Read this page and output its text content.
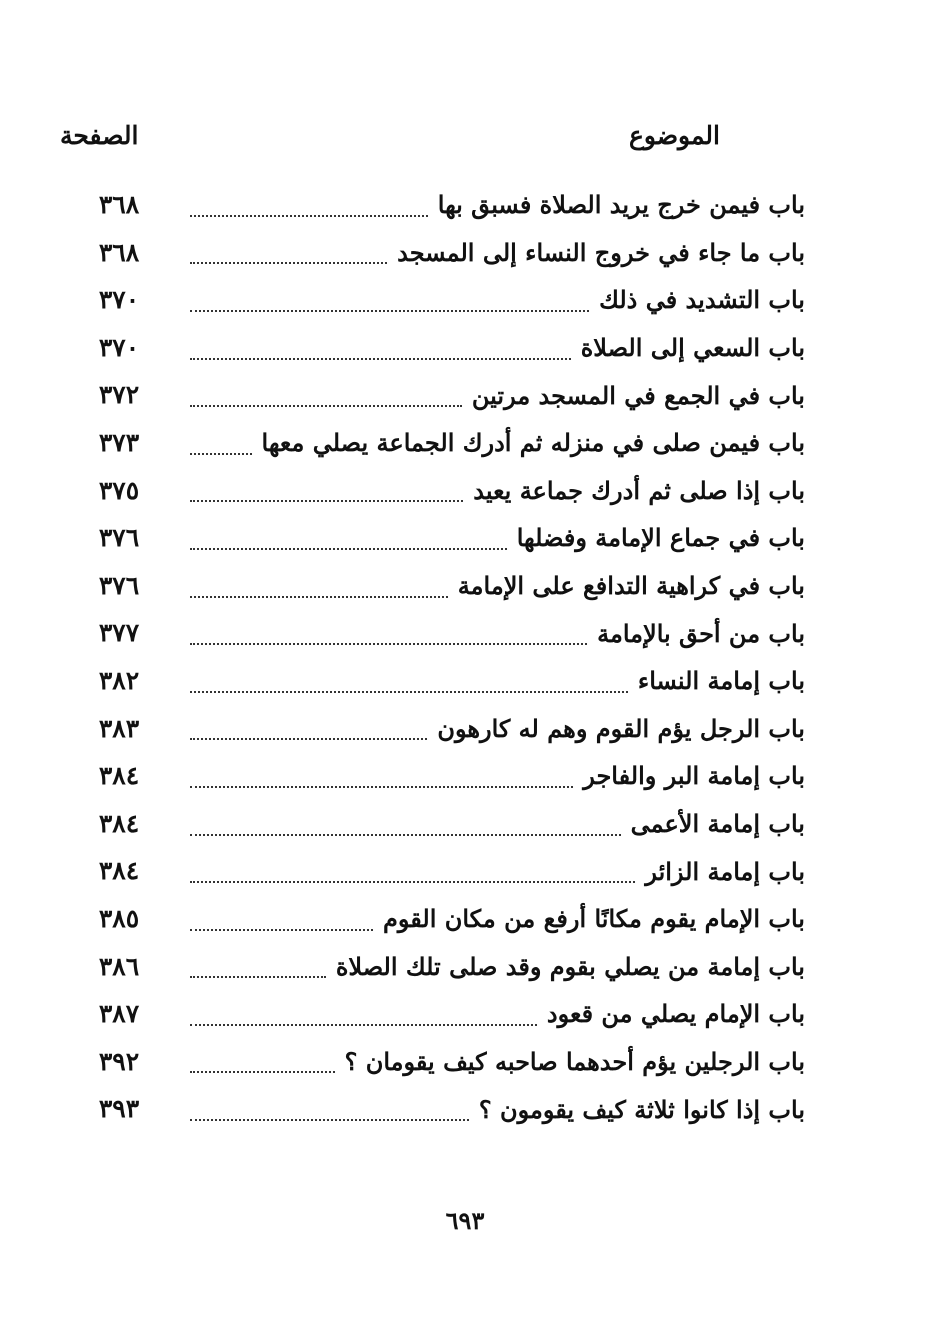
الموضوع
الصفحة
باب فيمن خرج يريد الصلاة فسبق بها
٣٦٨
باب ما جاء في خروج النساء إلى المسجد
٣٦٨
باب التشديد في ذلك
٣٧٠
باب السعي إلى الصلاة
٣٧٠
باب في الجمع في المسجد مرتين
٣٧٢
باب فيمن صلى في منزله ثم أدرك الجماعة يصلي معها
٣٧٣
باب إذا صلى ثم أدرك جماعة يعيد
٣٧٥
باب في جماع الإمامة وفضلها
٣٧٦
باب في كراهية التدافع على الإمامة
٣٧٦
باب من أحق بالإمامة
٣٧٧
باب إمامة النساء
٣٨٢
باب الرجل يؤم القوم وهم له كارهون
٣٨٣
باب إمامة البر والفاجر
٣٨٤
باب إمامة الأعمى
٣٨٤
باب إمامة الزائر
٣٨٤
باب الإمام يقوم مكانًا أرفع من مكان القوم
٣٨٥
باب إمامة من يصلي بقوم وقد صلى تلك الصلاة
٣٨٦
باب الإمام يصلي من قعود
٣٨٧
باب الرجلين يؤم أحدهما صاحبه كيف يقومان ؟
٣٩٢
باب إذا كانوا ثلاثة كيف يقومون ؟
٣٩٣
٦٩٣
